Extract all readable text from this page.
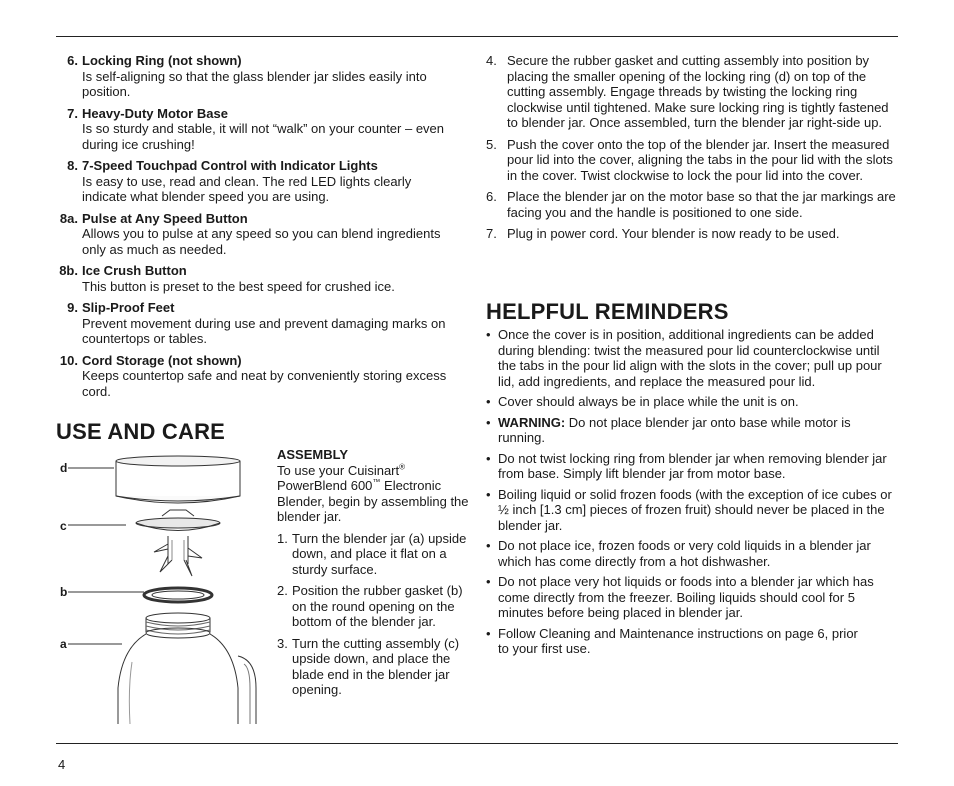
6. Locking Ring (not shown)
Is self-aligning so that the glass blender jar slides easily into position.
7. Heavy-Duty Motor Base
Is so sturdy and stable, it will not “walk” on your counter – even during ice crushing!
8. 7-Speed Touchpad Control with Indicator Lights
Is easy to use, read and clean. The red LED lights clearly indicate what blender speed you are using.
8a. Pulse at Any Speed Button
Allows you to pulse at any speed so you can blend ingredients only as much as needed.
8b. Ice Crush Button
This button is preset to the best speed for crushed ice.
9. Slip-Proof Feet
Prevent movement during use and prevent damaging marks on countertops or tables.
10. Cord Storage (not shown)
Keeps countertop safe and neat by conveniently storing excess cord.
USE AND CARE
d
c
b
a
ASSEMBLY
To use your Cuisinart® PowerBlend 600™ Electronic Blender, begin by assembling the blender jar.
1. Turn the blender jar (a) upside down, and place it flat on a sturdy surface.
2. Position the rubber gasket (b) on the round opening on the bottom of the blender jar.
3. Turn the cutting assembly (c) upside down, and place the blade end in the blender jar opening.
4. Secure the rubber gasket and cutting assembly into position by placing the smaller opening of the locking ring (d) on top of the cutting assembly. Engage threads by twisting the locking ring clockwise until tightened. Make sure locking ring is tightly fastened to blender jar. Once assembled, turn the blender jar right-side up.
5. Push the cover onto the top of the blender jar. Insert the measured pour lid into the cover, aligning the tabs in the pour lid with the slots in the cover. Twist clockwise to lock the pour lid into the cover.
6. Place the blender jar on the motor base so that the jar markings are facing you and the handle is positioned to one side.
7. Plug in power cord. Your blender is now ready to be used.
HELPFUL REMINDERS
• Once the cover is in position, additional ingredients can be added during blending: twist the measured pour lid counterclockwise until the tabs in the pour lid align with the slots in the cover; pull up pour lid, add ingredients, and replace the measured pour lid.
• Cover should always be in place while the unit is on.
• WARNING: Do not place blender jar onto base while motor is running.
• Do not twist locking ring from blender jar when removing blender jar from base. Simply lift blender jar from motor base.
• Boiling liquid or solid frozen foods (with the exception of ice cubes or ½ inch [1.3 cm] pieces of frozen fruit) should never be placed in the blender jar.
• Do not place ice, frozen foods or very cold liquids in a blender jar which has come directly from a hot dishwasher.
• Do not place very hot liquids or foods into a blender jar which has come directly from the freezer. Boiling liquids should cool for 5 minutes before being placed in blender jar.
• Follow Cleaning and Maintenance instructions on page 6, prior to your first use.
4
